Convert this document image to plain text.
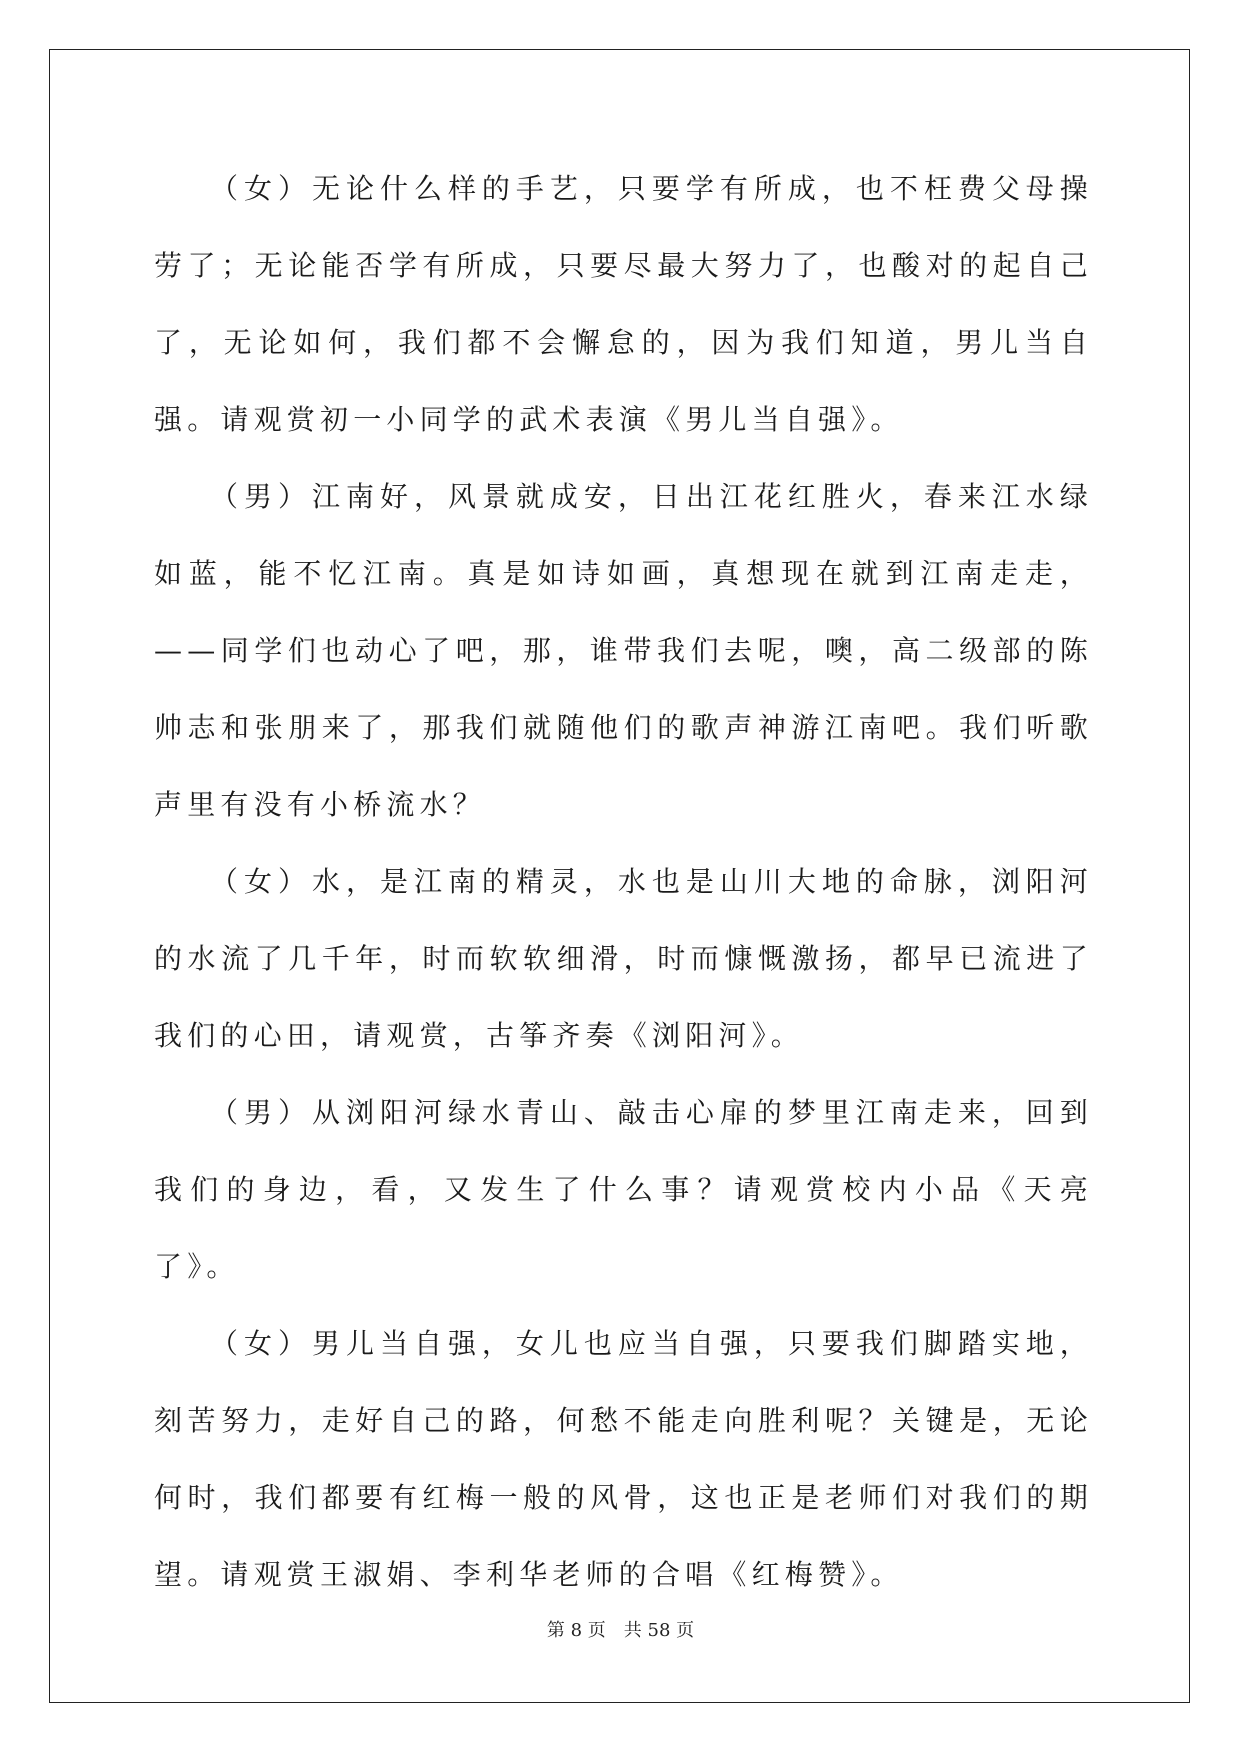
（女）无论什么样的手艺，只要学有所成，也不枉费父母操劳了；无论能否学有所成，只要尽最大努力了，也酸对的起自己了，无论如何，我们都不会懈怠的，因为我们知道，男儿当自强。请观赏初一小同学的武术表演《男儿当自强》。

（男）江南好，风景就成安，日出江花红胜火，春来江水绿如蓝，能不忆江南。真是如诗如画，真想现在就到江南走走，——同学们也动心了吧，那，谁带我们去呢，噢，高二级部的陈帅志和张朋来了，那我们就随他们的歌声神游江南吧。我们听歌声里有没有小桥流水？

（女）水，是江南的精灵，水也是山川大地的命脉，浏阳河的水流了几千年，时而软软细滑，时而慷慨激扬，都早已流进了我们的心田，请观赏，古筝齐奏《浏阳河》。

（男）从浏阳河绿水青山、敲击心扉的梦里江南走来，回到我们的身边，看，又发生了什么事？请观赏校内小品《天亮了》。

（女）男儿当自强，女儿也应当自强，只要我们脚踏实地，刻苦努力，走好自己的路，何愁不能走向胜利呢？关键是，无论何时，我们都要有红梅一般的风骨，这也正是老师们对我们的期望。请观赏王淑娟、李利华老师的合唱《红梅赞》。

第 8 页 共 58 页
